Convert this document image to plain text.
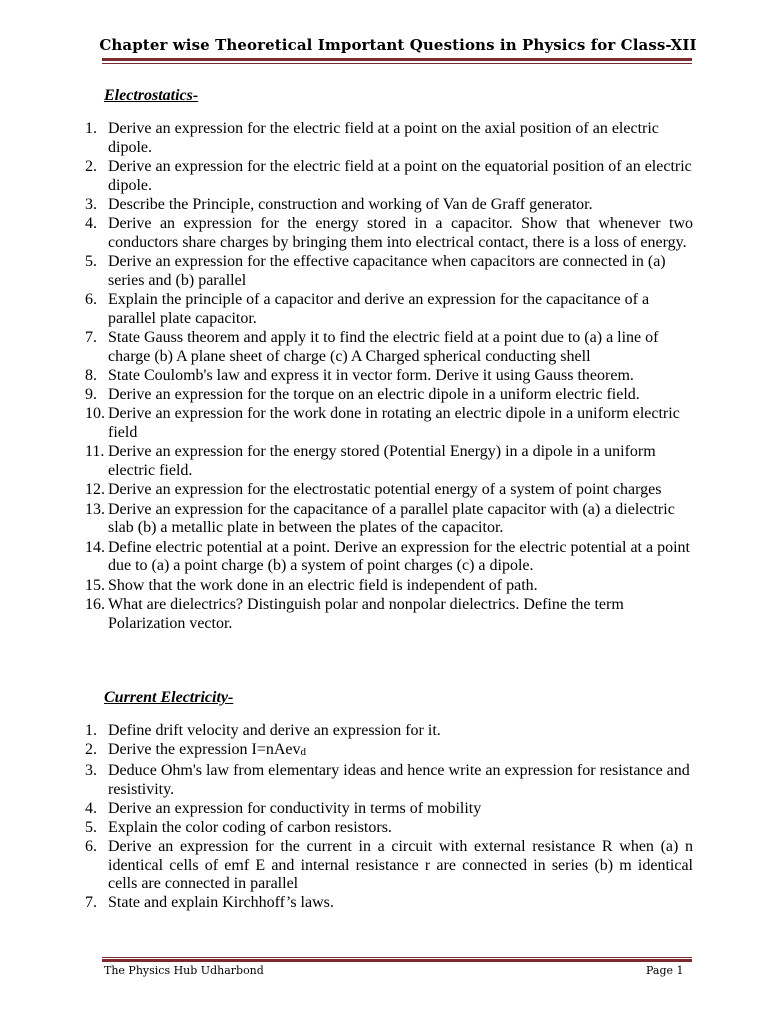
Chapter wise Theoretical Important Questions in Physics for Class-XII
Electrostatics-
1. Derive an expression for the electric field at a point on the axial position of an electric dipole.
2. Derive an expression for the electric field at a point on the equatorial position of an electric dipole.
3. Describe the Principle, construction and working of Van de Graff generator.
4. Derive an expression for the energy stored in a capacitor. Show that whenever two conductors share charges by bringing them into electrical contact, there is a loss of energy.
5. Derive an expression for the effective capacitance when capacitors are connected in (a) series and (b) parallel
6. Explain the principle of a capacitor and derive an expression for the capacitance of a parallel plate capacitor.
7. State Gauss theorem and apply it to find the electric field at a point due to (a) a line of charge (b) A plane sheet of charge (c) A Charged spherical conducting shell
8. State Coulomb's law and express it in vector form. Derive it using Gauss theorem.
9. Derive an expression for the torque on an electric dipole in a uniform electric field.
10. Derive an expression for the work done in rotating an electric dipole in a uniform electric field
11. Derive an expression for the energy stored (Potential Energy) in a dipole in a uniform electric field.
12. Derive an expression for the electrostatic potential energy of a system of point charges
13. Derive an expression for the capacitance of a parallel plate capacitor with (a) a dielectric slab (b) a metallic plate in between the plates of the capacitor.
14. Define electric potential at a point. Derive an expression for the electric potential at a point due to (a) a point charge (b) a system of point charges (c) a dipole.
15. Show that the work done in an electric field is independent of path.
16. What are dielectrics? Distinguish polar and nonpolar dielectrics. Define the term Polarization vector.
Current Electricity-
1. Define drift velocity and derive an expression for it.
2. Derive the expression I=nAevd
3. Deduce Ohm's law from elementary ideas and hence write an expression for resistance and resistivity.
4. Derive an expression for conductivity in terms of mobility
5. Explain the color coding of carbon resistors.
6. Derive an expression for the current in a circuit with external resistance R when (a) n identical cells of emf E and internal resistance r are connected in series (b) m identical cells are connected in parallel
7. State and explain Kirchhoff’s laws.
The Physics Hub Udharbond	Page 1
